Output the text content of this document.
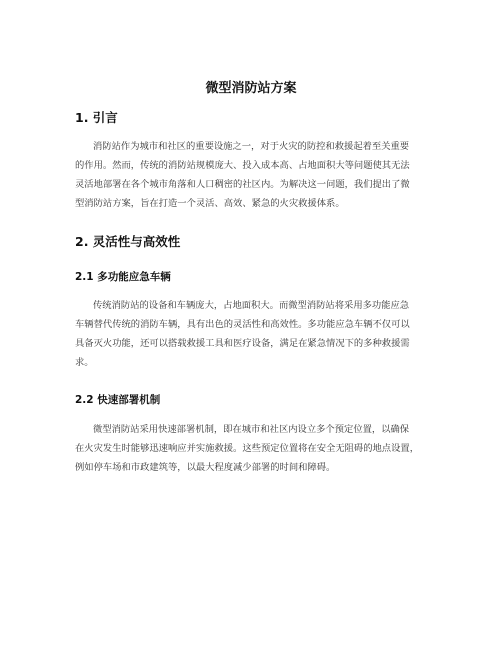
微型消防站方案
1. 引言

消防站作为城市和社区的重要设施之一，对于火灾的防控和救援起着至关重要
的作用。然而，传统的消防站规模庞大、投入成本高、占地面积大等问题使其无法
灵活地部署在各个城市角落和人口稠密的社区内。为解决这一问题，我们提出了微
型消防站方案，旨在打造一个灵活、高效、紧急的火灾救援体系。

2. 灵活性与高效性
2.1 多功能应急车辆

传统消防站的设备和车辆庞大，占地面积大。而微型消防站将采用多功能应急
车辆替代传统的消防车辆，具有出色的灵活性和高效性。多功能应急车辆不仅可以
具备灭火功能，还可以搭载救援工具和医疗设备，满足在紧急情况下的多种救援需
求。

2.2 快速部署机制

微型消防站采用快速部署机制，即在城市和社区内设立多个预定位置，以确保
在火灾发生时能够迅速响应并实施救援。这些预定位置将在安全无阻碍的地点设置，
例如停车场和市政建筑等，以最大程度减少部署的时间和障碍。
